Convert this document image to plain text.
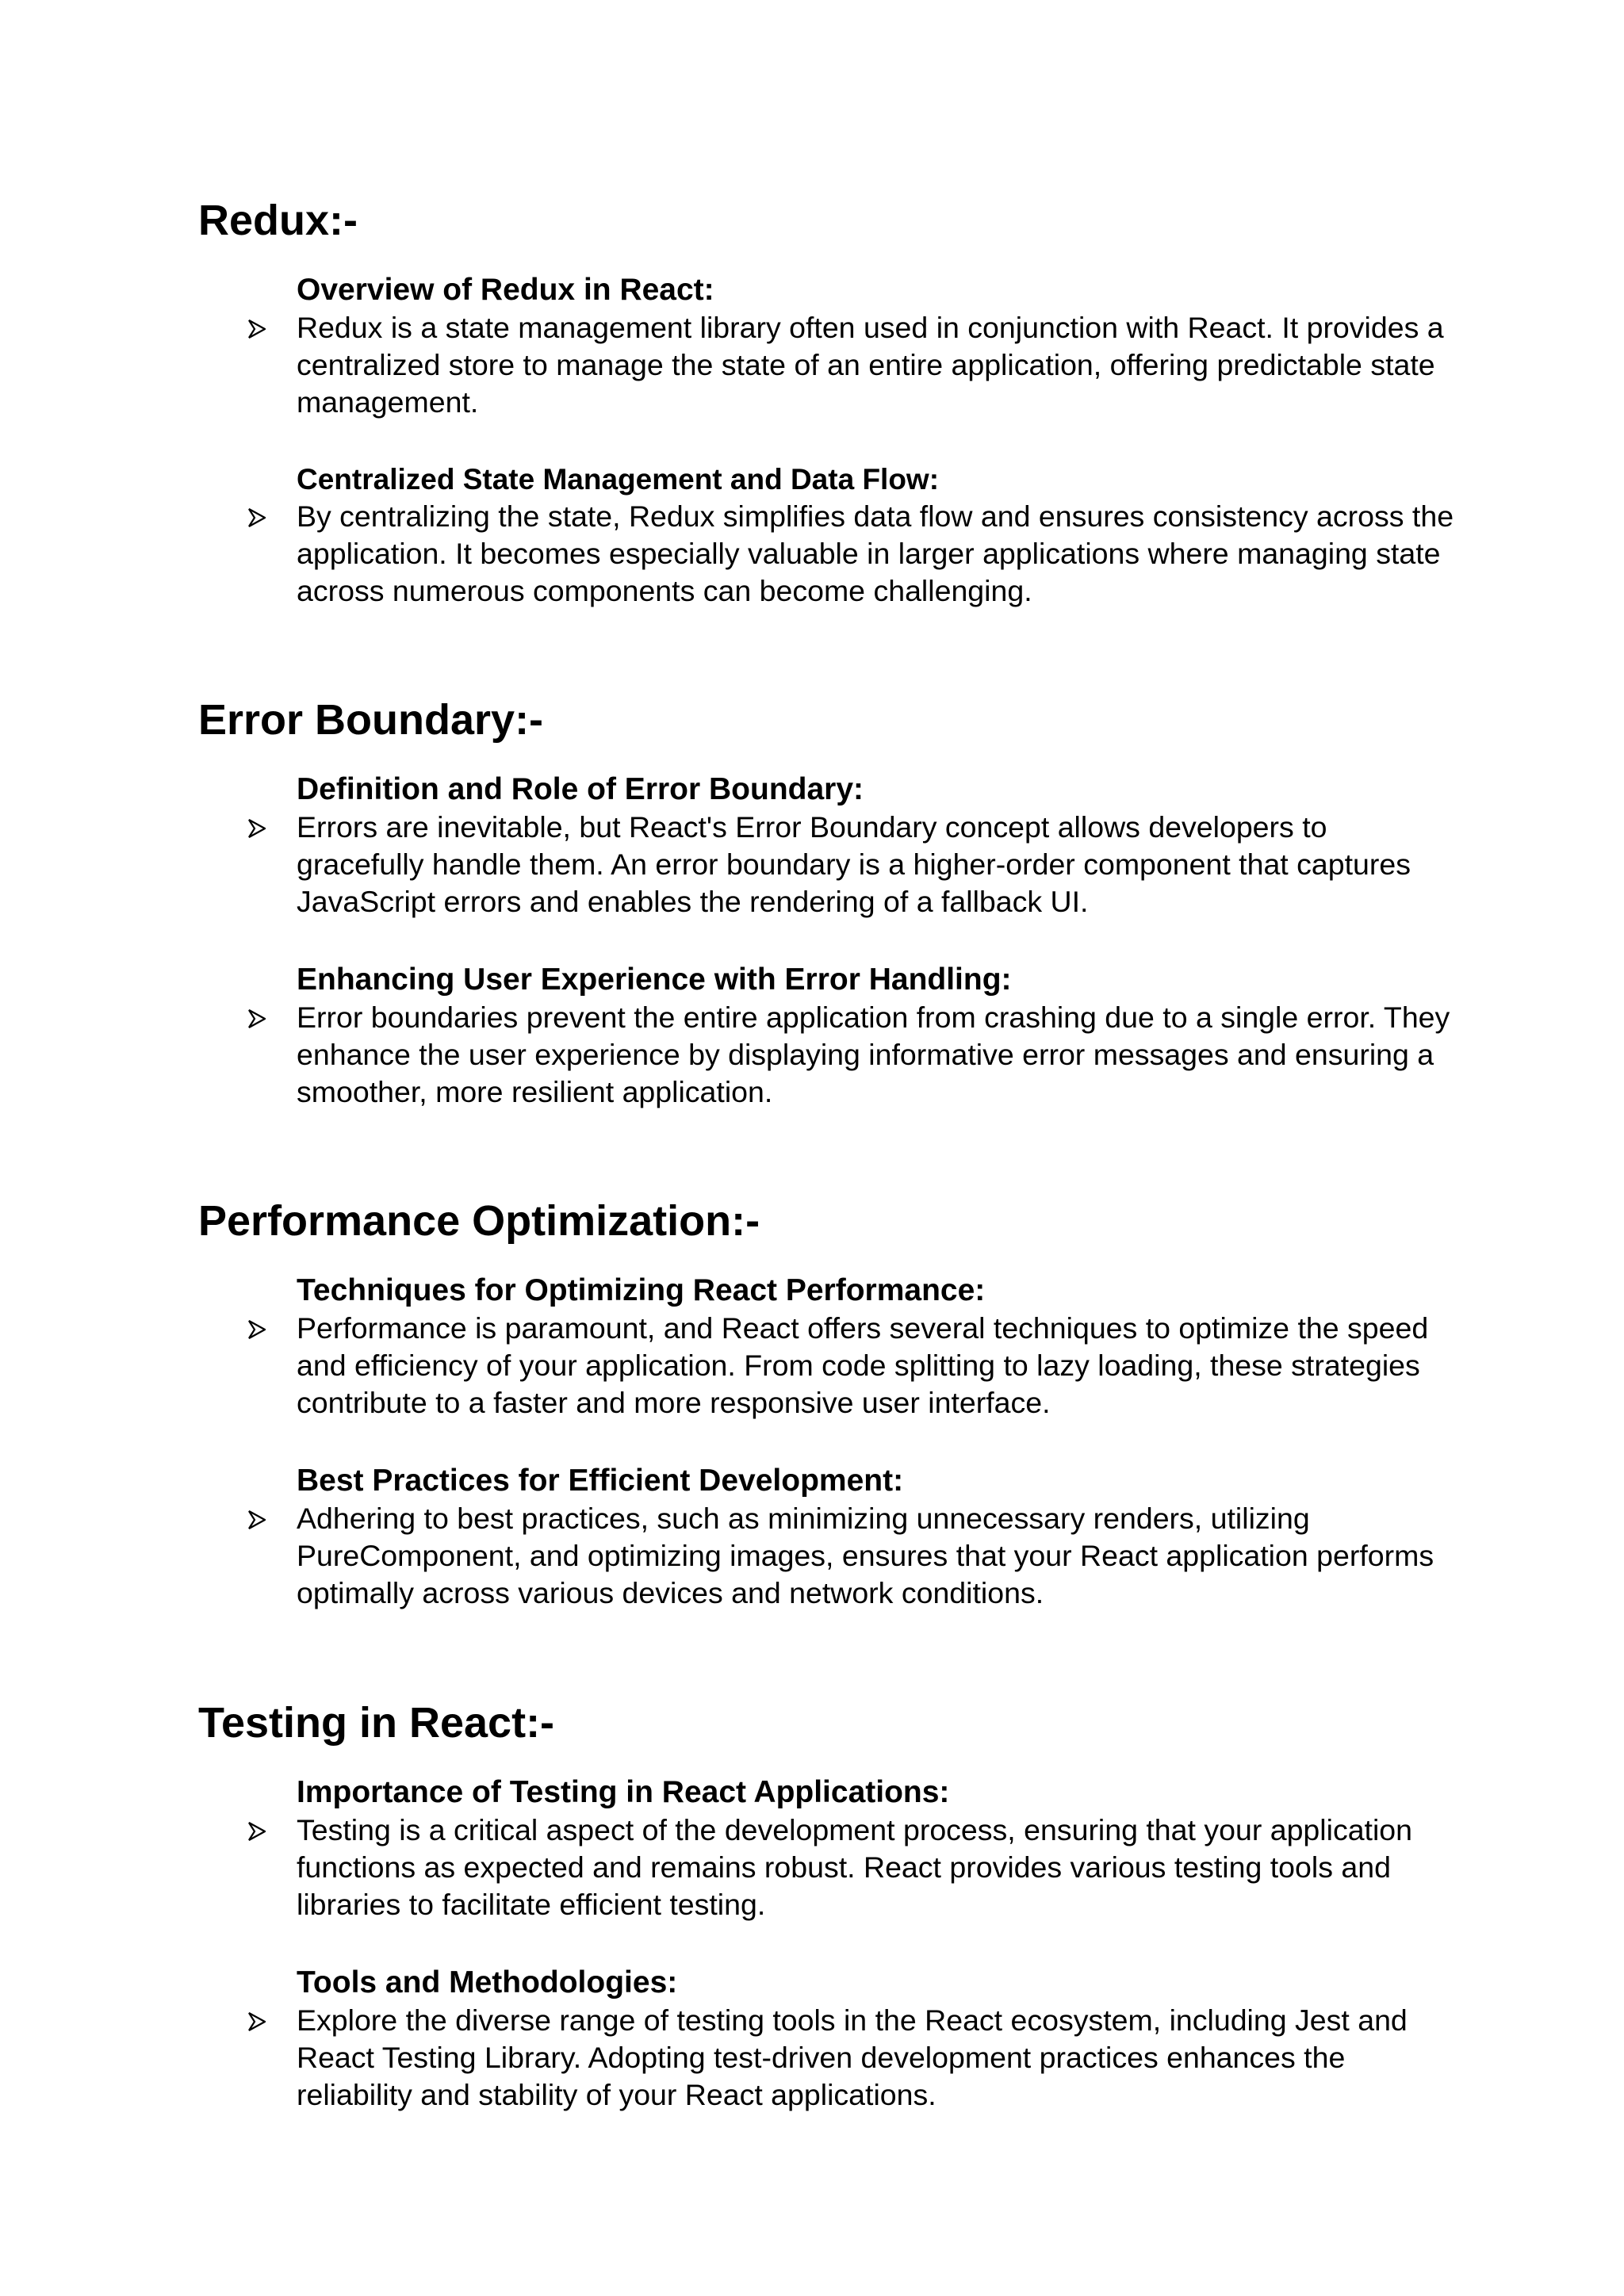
Redux:-
Overview of Redux in React:

Redux is a state management library often used in conjunction with React. It provides a centralized store to manage the state of an entire application, offering predictable state management.

Centralized State Management and Data Flow:

By centralizing the state, Redux simplifies data flow and ensures consistency across the application. It becomes especially valuable in larger applications where managing state across numerous components can become challenging.

Error Boundary:-
Definition and Role of Error Boundary:

Errors are inevitable, but React's Error Boundary concept allows developers to gracefully handle them. An error boundary is a higher-order component that captures JavaScript errors and enables the rendering of a fallback UI.

Enhancing User Experience with Error Handling:

Error boundaries prevent the entire application from crashing due to a single error. They enhance the user experience by displaying informative error messages and ensuring a smoother, more resilient application.

Performance Optimization:-
Techniques for Optimizing React Performance:

Performance is paramount, and React offers several techniques to optimize the speed and efficiency of your application. From code splitting to lazy loading, these strategies contribute to a faster and more responsive user interface.

Best Practices for Efficient Development:

Adhering to best practices, such as minimizing unnecessary renders, utilizing PureComponent, and optimizing images, ensures that your React application performs optimally across various devices and network conditions.

Testing in React:-
Importance of Testing in React Applications:

Testing is a critical aspect of the development process, ensuring that your application functions as expected and remains robust. React provides various testing tools and libraries to facilitate efficient testing.

Tools and Methodologies:

Explore the diverse range of testing tools in the React ecosystem, including Jest and React Testing Library. Adopting test-driven development practices enhances the reliability and stability of your React applications.
